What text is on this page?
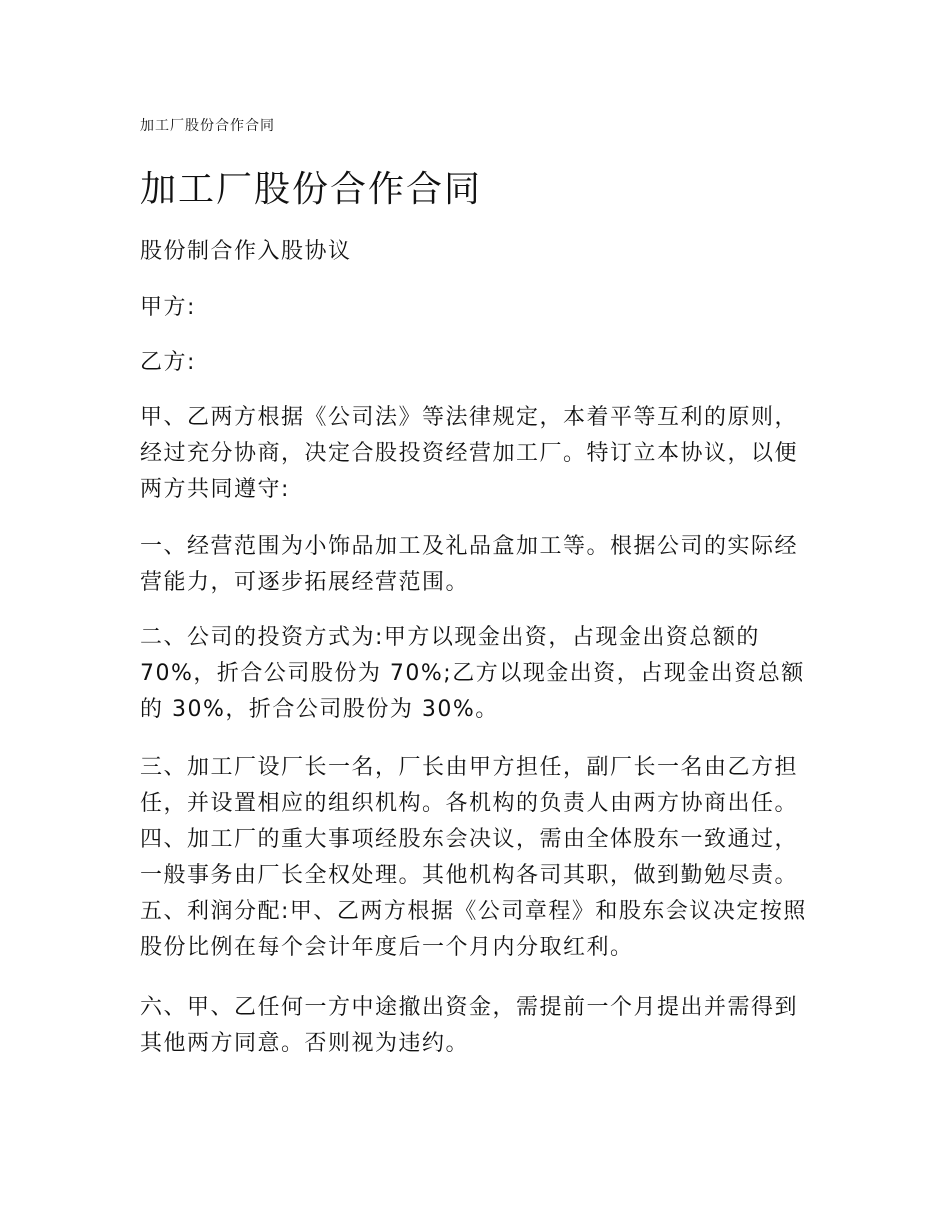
加工厂股份合作合同
加工厂股份合作合同

股份制合作入股协议

甲方:

乙方:

甲、乙两方根据《公司法》等法律规定，本着平等互利的原则，经过充分协商，决定合股投资经营加工厂。特订立本协议，以便两方共同遵守:

一、经营范围为小饰品加工及礼品盒加工等。根据公司的实际经营能力，可逐步拓展经营范围。

二、公司的投资方式为:甲方以现金出资，占现金出资总额的 70%，折合公司股份为 70%;乙方以现金出资，占现金出资总额的 30%，折合公司股份为 30%。

三、加工厂设厂长一名，厂长由甲方担任，副厂长一名由乙方担任，并设置相应的组织机构。各机构的负责人由两方协商出任。 四、加工厂的重大事项经股东会决议，需由全体股东一致通过，一般事务由厂长全权处理。其他机构各司其职，做到勤勉尽责。 五、利润分配:甲、乙两方根据《公司章程》和股东会议决定按照股份比例在每个会计年度后一个月内分取红利。

六、甲、乙任何一方中途撤出资金，需提前一个月提出并需得到其他两方同意。否则视为违约。
